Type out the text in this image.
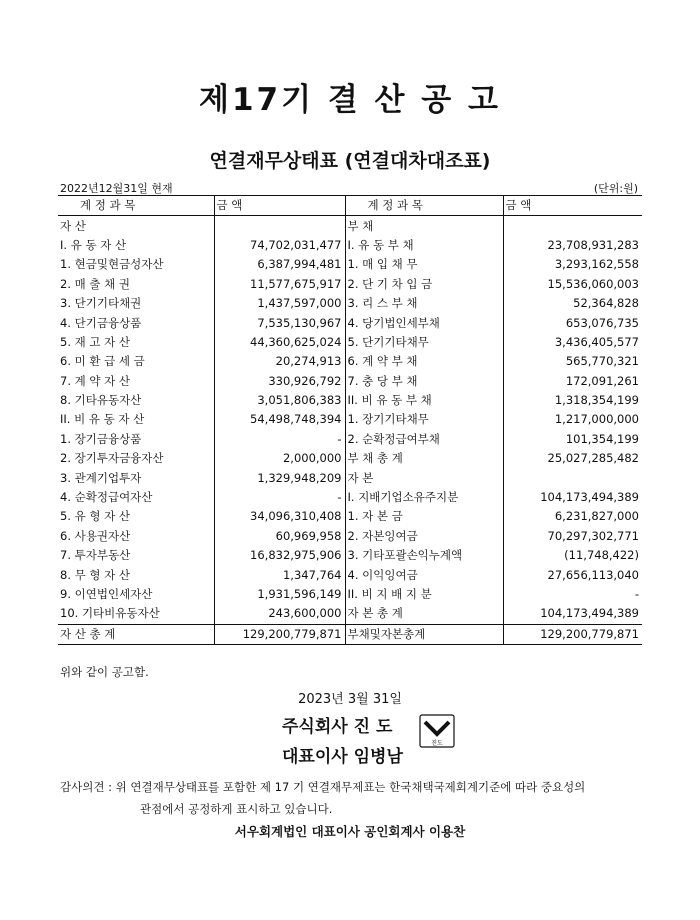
제17기 결 산 공 고
연결재무상태표 (연결대차대조표)
2022년12월31일 현재	(단위:원)
계 정 과 목	금 액	계 정 과 목	금 액
자 산		부 채	
I. 유 동 자 산	74,702,031,477	I. 유 동 부 채	23,708,931,283
1. 현금및현금성자산	6,387,994,481	1. 매 입 채 무	3,293,162,558
2. 매 출 채 권	11,577,675,917	2. 단 기 차 입 금	15,536,060,003
3. 단기기타채권	1,437,597,000	3. 리 스 부 채	52,364,828
4. 단기금융상품	7,535,130,967	4. 당기법인세부채	653,076,735
5. 재 고 자 산	44,360,625,024	5. 단기기타채무	3,436,405,577
6. 미 환 급 세 금	20,274,913	6. 계 약 부 채	565,770,321
7. 계 약 자 산	330,926,792	7. 충 당 부 채	172,091,261
8. 기타유동자산	3,051,806,383	II. 비 유 동 부 채	1,318,354,199
II. 비 유 동 자 산	54,498,748,394	1. 장기기타채무	1,217,000,000
1. 장기금융상품	-	2. 순확정급여부채	101,354,199
2. 장기투자금융자산	2,000,000	부 채 총 계	25,027,285,482
3. 관계기업투자	1,329,948,209	자 본	
4. 순확정급여자산	-	I. 지배기업소유주지분	104,173,494,389
5. 유 형 자 산	34,096,310,408	1. 자 본 금	6,231,827,000
6. 사용권자산	60,969,958	2. 자본잉여금	70,297,302,771
7. 투자부동산	16,832,975,906	3. 기타포괄손익누계액	(11,748,422)
8. 무 형 자 산	1,347,764	4. 이익잉여금	27,656,113,040
9. 이연법인세자산	1,931,596,149	II. 비 지 배 지 분	-
10. 기타비유동자산	243,600,000	자 본 총 계	104,173,494,389
자 산 총 계	129,200,779,871	부채및자본총계	129,200,779,871
위와 같이 공고함.
2023년 3월 31일
주식회사 진 도
진도
대표이사 임병남
감사의견 : 위 연결재무상태표를 포함한 제 17 기 연결재무제표는 한국채택국제회계기준에 따라 중요성의
관점에서 공정하게 표시하고 있습니다.
서우회계법인 대표이사 공인회계사 이용찬
